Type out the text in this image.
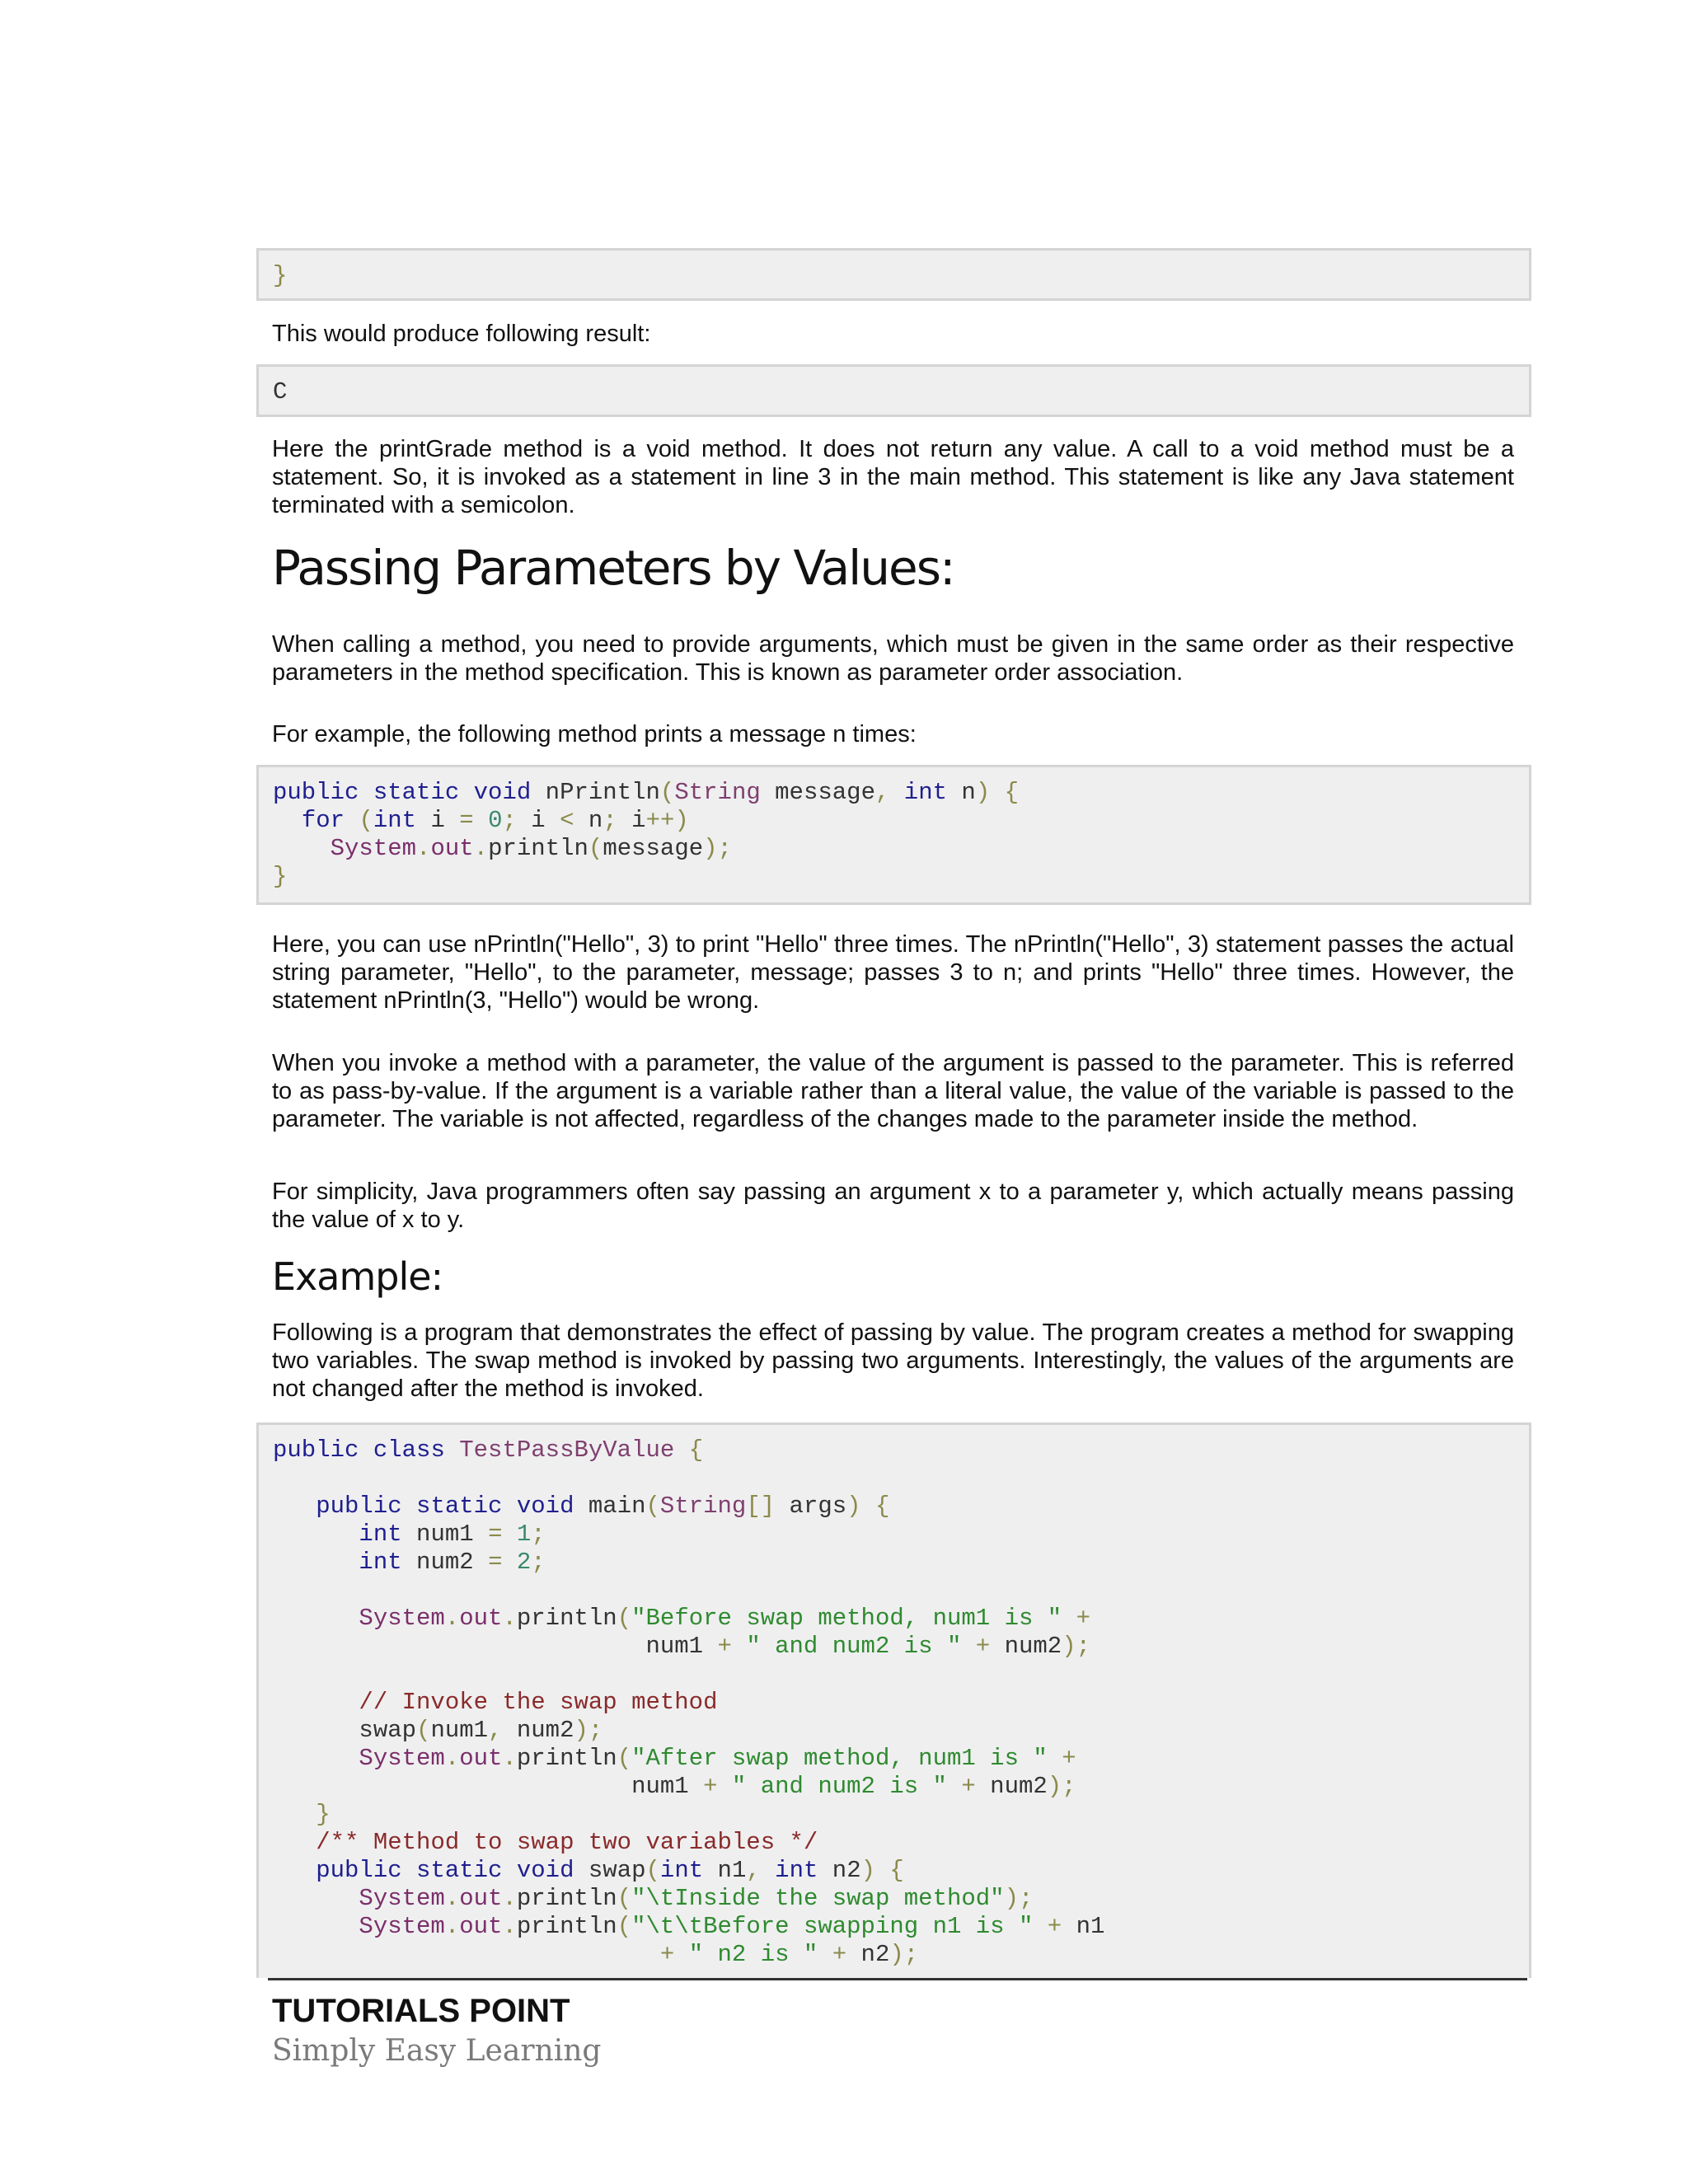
}

This would produce following result:

C

Here the printGrade method is a void method. It does not return any value. A call to a void method must be a statement. So, it is invoked as a statement in line 3 in the main method. This statement is like any Java statement terminated with a semicolon.

Passing Parameters by Values:

When calling a method, you need to provide arguments, which must be given in the same order as their respective parameters in the method specification. This is known as parameter order association.

For example, the following method prints a message n times:

public static void nPrintln(String message, int n) {
for (int i = 0; i < n; i++)
System.out.println(message);
}

Here, you can use nPrintln("Hello", 3) to print "Hello" three times. The nPrintln("Hello", 3) statement passes the actual string parameter, "Hello", to the parameter, message; passes 3 to n; and prints "Hello" three times. However, the statement nPrintln(3, "Hello") would be wrong.

When you invoke a method with a parameter, the value of the argument is passed to the parameter. This is referred to as pass-by-value. If the argument is a variable rather than a literal value, the value of the variable is passed to the parameter. The variable is not affected, regardless of the changes made to the parameter inside the method.

For simplicity, Java programmers often say passing an argument x to a parameter y, which actually means passing the value of x to y.

Example:

Following is a program that demonstrates the effect of passing by value. The program creates a method for swapping two variables. The swap method is invoked by passing two arguments. Interestingly, the values of the arguments are not changed after the method is invoked.

public class TestPassByValue {
public static void main(String[] args) {
int num1 = 1;
int num2 = 2;
System.out.println("Before swap method, num1 is " +
num1 + " and num2 is " + num2);
// Invoke the swap method
swap(num1, num2);
System.out.println("After swap method, num1 is " +
num1 + " and num2 is " + num2);
}
/** Method to swap two variables */
public static void swap(int n1, int n2) {
System.out.println("\tInside the swap method");
System.out.println("\t\tBefore swapping n1 is " + n1
+ " n2 is " + n2);

TUTORIALS POINT

Simply Easy Learning
